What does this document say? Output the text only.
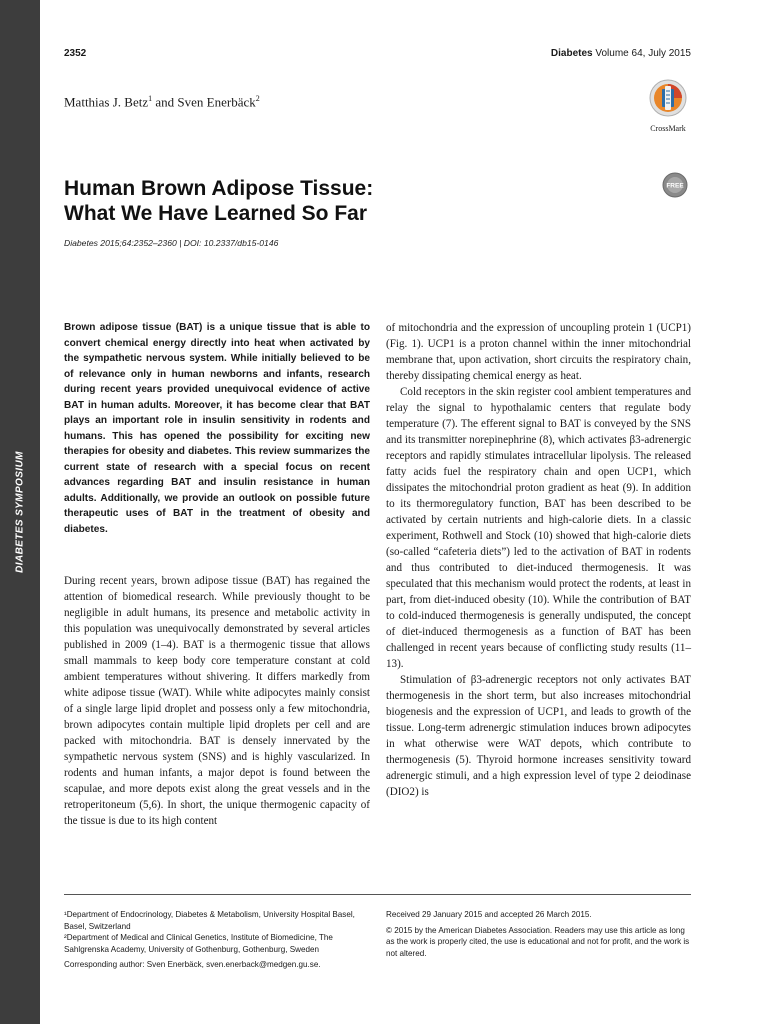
DIABETES SYMPOSIUM
2352	Diabetes Volume 64, July 2015
Matthias J. Betz$^1$ and Sven Enerbäck$^2$
CrossMark
FREE
Human Brown Adipose Tissue:
What We Have Learned So Far
Diabetes 2015;64:2352–2360 | DOI: 10.2337/db15-0146

Brown adipose tissue (BAT) is a unique tissue that is able to convert chemical energy directly into heat when activated by the sympathetic nervous system. While initially believed to be of relevance only in human newborns and infants, research during recent years provided unequivocal evidence of active BAT in human adults. Moreover, it has become clear that BAT plays an important role in insulin sensitivity in rodents and humans. This has opened the possibility for exciting new therapies for obesity and diabetes. This review summarizes the current state of research with a special focus on recent advances regarding BAT and insulin resistance in human adults. Additionally, we provide an outlook on possible future therapeutic uses of BAT in the treatment of obesity and diabetes.

During recent years, brown adipose tissue (BAT) has regained the attention of biomedical research. While previously thought to be negligible in adult humans, its presence and metabolic activity in this population was unequivocally demonstrated by several articles published in 2009 (1–4). BAT is a thermogenic tissue that allows small mammals to keep body core temperature constant at cold ambient temperatures without shivering. It differs markedly from white adipose tissue (WAT). While white adipocytes mainly consist of a single large lipid droplet and possess only a few mitochondria, brown adipocytes contain multiple lipid droplets per cell and are packed with mitochondria. BAT is densely innervated by the sympathetic nervous system (SNS) and is highly vascularized. In rodents and human infants, a major depot is found between the scapulae, and more depots exist along the great vessels and in the retroperitoneum (5,6). In short, the unique thermogenic capacity of the tissue is due to its high content

of mitochondria and the expression of uncoupling protein 1 (UCP1) (Fig. 1). UCP1 is a proton channel within the inner mitochondrial membrane that, upon activation, short circuits the respiratory chain, thereby dissipating chemical energy as heat.

Cold receptors in the skin register cool ambient temperatures and relay the signal to hypothalamic centers that regulate body temperature (7). The efferent signal to BAT is conveyed by the SNS and its transmitter norepinephrine (8), which activates β3-adrenergic receptors and rapidly stimulates intracellular lipolysis. The released fatty acids fuel the respiratory chain and open UCP1, which dissipates the mitochondrial proton gradient as heat (9). In addition to its thermoregulatory function, BAT has been described to be activated by certain nutrients and high-calorie diets. In a classic experiment, Rothwell and Stock (10) showed that high-calorie diets (so-called “cafeteria diets”) led to the activation of BAT in rodents and thus contributed to diet-induced thermogenesis. It was speculated that this mechanism would protect the rodents, at least in part, from diet-induced obesity (10). While the contribution of BAT to cold-induced thermogenesis is generally undisputed, the concept of diet-induced thermogenesis as a function of BAT has been challenged in recent years because of conflicting study results (11–13).

Stimulation of β3-adrenergic receptors not only activates BAT thermogenesis in the short term, but also increases mitochondrial biogenesis and the expression of UCP1, and leads to growth of the tissue. Long-term adrenergic stimulation induces brown adipocytes in what otherwise were WAT depots, which contribute to thermogenesis (5). Thyroid hormone increases sensitivity toward adrenergic stimuli, and a high expression level of type 2 deiodinase (DIO2) is

¹Department of Endocrinology, Diabetes & Metabolism, University Hospital Basel, Basel, Switzerland

²Department of Medical and Clinical Genetics, Institute of Biomedicine, The Sahlgrenska Academy, University of Gothenburg, Gothenburg, Sweden

Corresponding author: Sven Enerbäck, sven.enerback@medgen.gu.se.

Received 29 January 2015 and accepted 26 March 2015.

© 2015 by the American Diabetes Association. Readers may use this article as long as the work is properly cited, the use is educational and not for profit, and the work is not altered.
